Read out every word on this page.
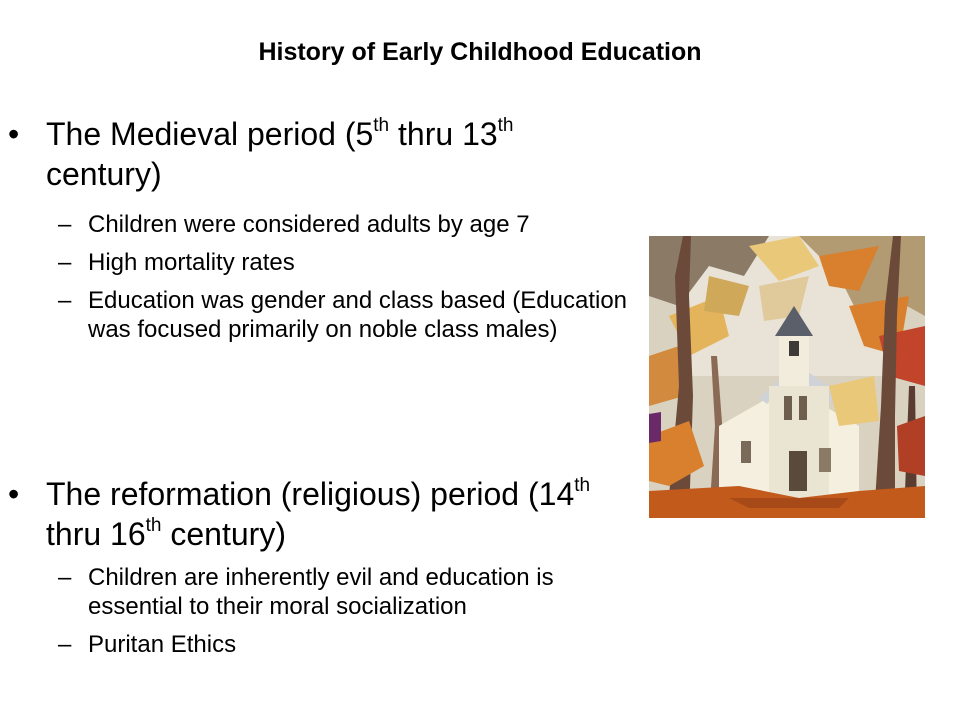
History of Early Childhood Education
• The Medieval period (5th thru 13th
century)
– Children were considered adults by age 7
– High mortality rates
– Education was gender and class based (Education was focused primarily on noble class males)
• The reformation (religious) period (14th thru 16th century)
– Children are inherently evil and education is essential to their moral socialization
– Puritan Ethics
